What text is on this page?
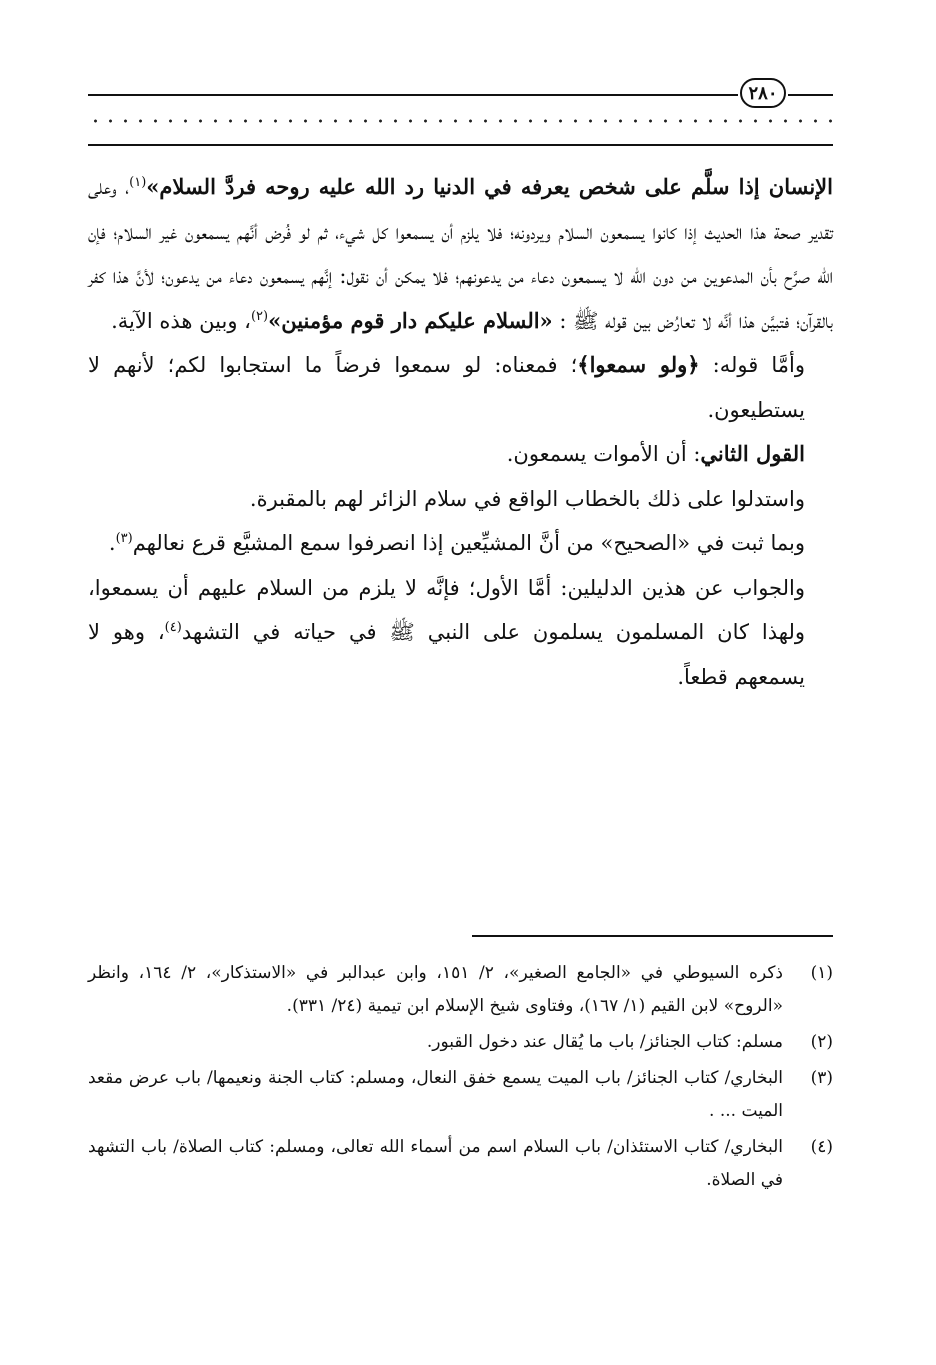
٢٨٠

الإنسان إذا سلَّم على شخص يعرفه في الدنيا رد الله عليه روحه فردَّ السلام»$^{(١)}$، وعلى تقدير صحة هذا الحديث إذا كانوا يسمعون السلام ويردونه؛ فلا يلزم أن يسمعوا كل شيء، ثم لو فُرض أنَّهم يسمعون غير السلام؛ فإن الله صرَّح بأن المدعوين من دون الله لا يسمعون دعاء من يدعونهم؛ فلا يمكن أن نقول: إنَّهم يسمعون دعاء من يدعون؛ لأنَّ هذا كفر بالقرآن؛ فتبيَّن هذا أنَّه لا تعارُض بين قوله ﷺ : «السلام عليكم دار قوم مؤمنين»$^{(٢)}$، وبين هذه الآية.

وأمَّا قوله: ﴿ولو سمعوا﴾؛ فمعناه: لو سمعوا فرضاً ما استجابوا لكم؛ لأنهم لا يستطيعون.

القول الثاني: أن الأموات يسمعون.

واستدلوا على ذلك بالخطاب الواقع في سلام الزائر لهم بالمقبرة.

وبما ثبت في «الصحيح» من أنَّ المشيِّعين إذا انصرفوا سمع المشيَّع قرع نعالهم$^{(٣)}$.

والجواب عن هذين الدليلين: أمَّا الأول؛ فإنَّه لا يلزم من السلام عليهم أن يسمعوا، ولهذا كان المسلمون يسلمون على النبي ﷺ في حياته في التشهد$^{(٤)}$، وهو لا يسمعهم قطعاً.

(١)
ذكره السيوطي في «الجامع الصغير»، ٢/ ١٥١، وابن عبدالبر في «الاستذكار»، ٢/ ١٦٤، وانظر «الروح» لابن القيم (١/ ١٦٧)، وفتاوى شيخ الإسلام ابن تيمية (٢٤/ ٣٣١).
(٢)
مسلم: كتاب الجنائز/ باب ما يُقال عند دخول القبور.
(٣)
البخاري/ كتاب الجنائز/ باب الميت يسمع خفق النعال، ومسلم: كتاب الجنة ونعيمها/ باب عرض مقعد الميت ... .
(٤)
البخاري/ كتاب الاستئذان/ باب السلام اسم من أسماء الله تعالى، ومسلم: كتاب الصلاة/ باب التشهد في الصلاة.
